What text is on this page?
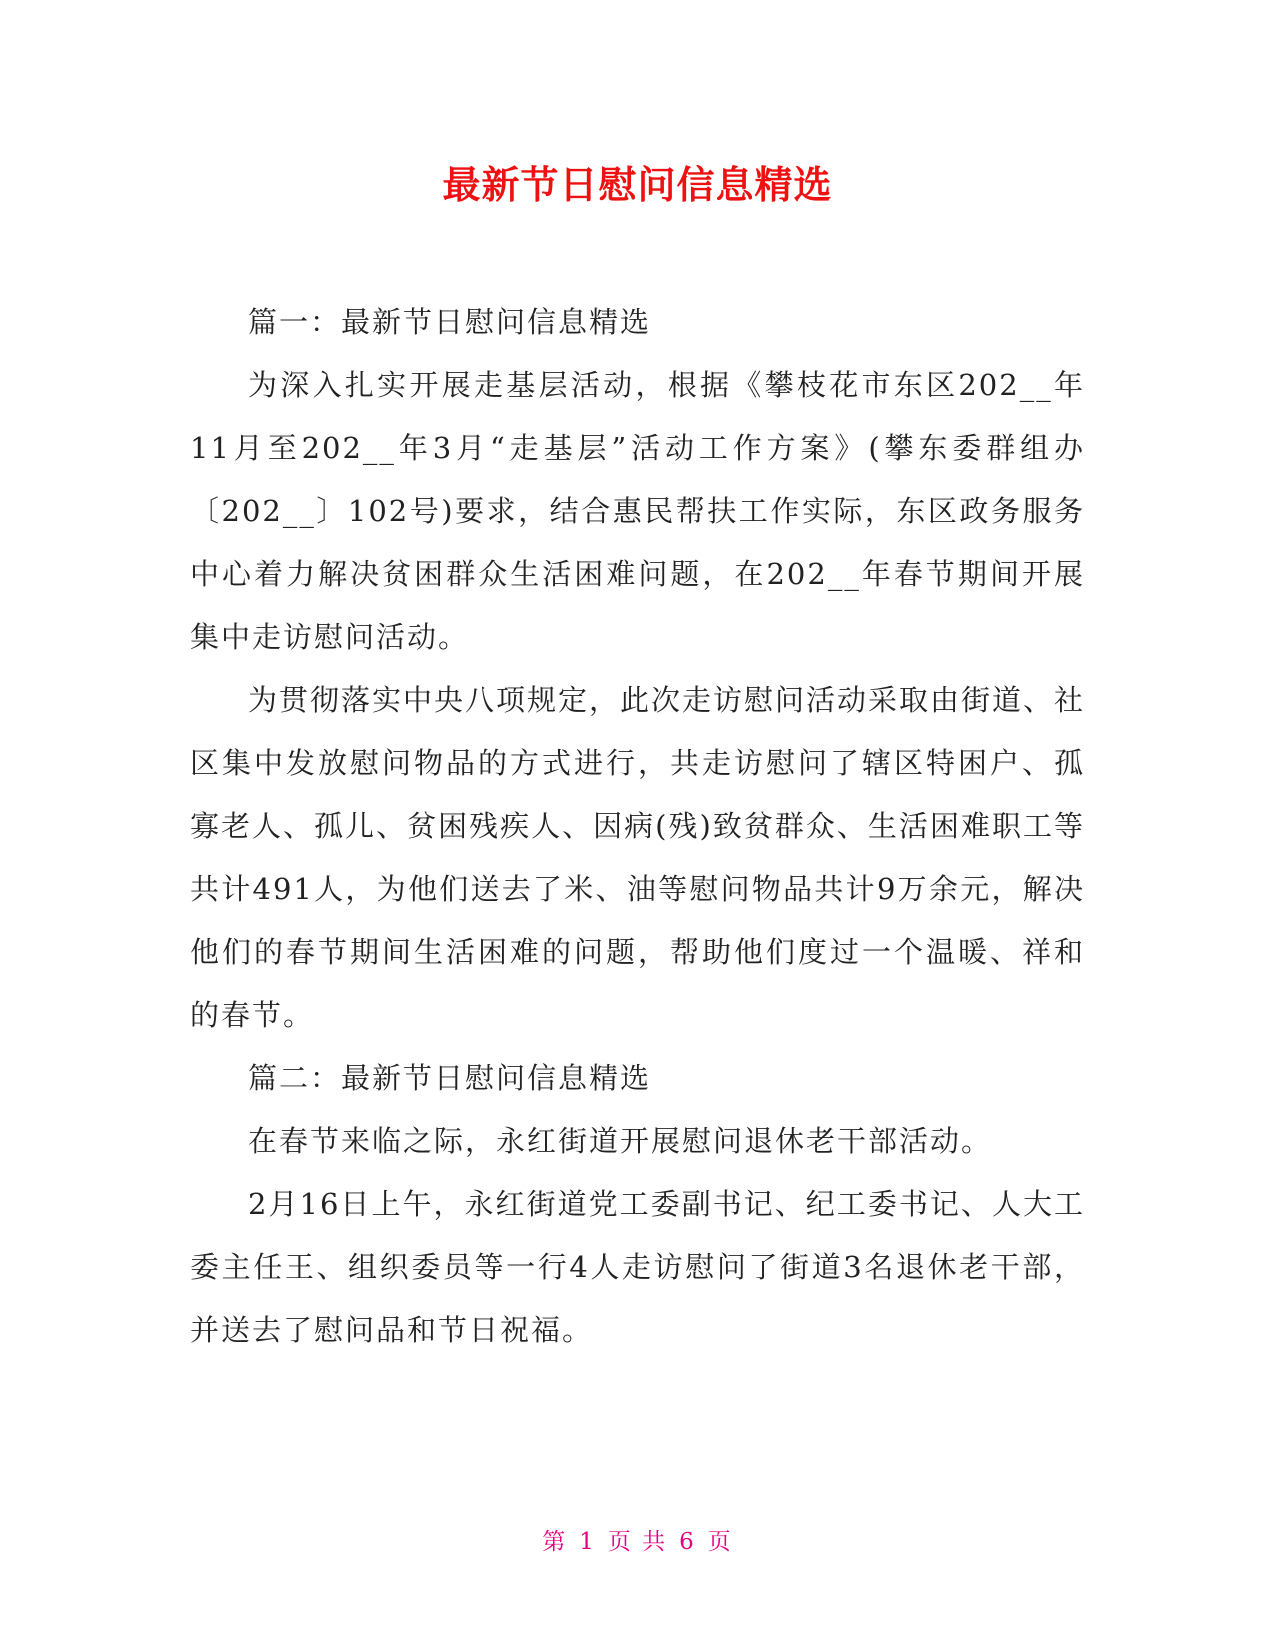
最新节日慰问信息精选

篇一：最新节日慰问信息精选

为深入扎实开展走基层活动，根据《攀枝花市东区202__年11月至202__年3月“走基层”活动工作方案》(攀东委群组办〔202__〕102号)要求，结合惠民帮扶工作实际，东区政务服务中心着力解决贫困群众生活困难问题，在202__年春节期间开展集中走访慰问活动。

为贯彻落实中央八项规定，此次走访慰问活动采取由街道、社区集中发放慰问物品的方式进行，共走访慰问了辖区特困户、孤寡老人、孤儿、贫困残疾人、因病(残)致贫群众、生活困难职工等共计491人，为他们送去了米、油等慰问物品共计9万余元，解决他们的春节期间生活困难的问题，帮助他们度过一个温暖、祥和的春节。

篇二：最新节日慰问信息精选

在春节来临之际，永红街道开展慰问退休老干部活动。

2月16日上午，永红街道党工委副书记、纪工委书记、人大工委主任王、组织委员等一行4人走访慰问了街道3名退休老干部，并送去了慰问品和节日祝福。

第 1 页 共 6 页
